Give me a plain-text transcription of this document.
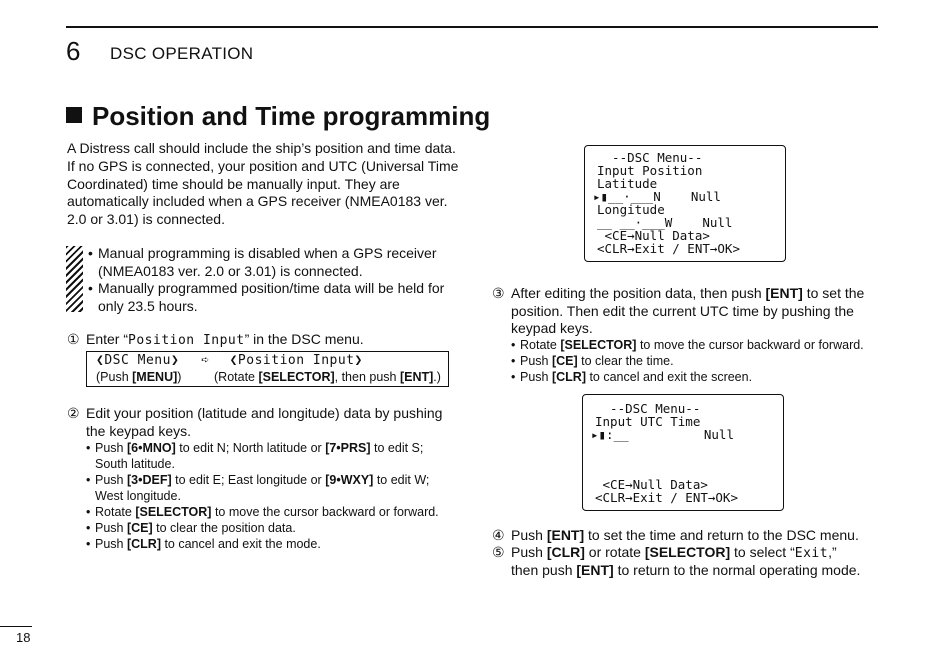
6 DSC OPERATION
Position and Time programming
A Distress call should include the ship’s position and time data. If no GPS is connected, your position and UTC (Universal Time Coordinated) time should be manually input. They are automatically included when a GPS receiver (NMEA0183 ver. 2.0 or 3.01) is connected.
• Manual programming is disabled when a GPS receiver (NMEA0183 ver. 2.0 or 3.01) is connected.
• Manually programmed position/time data will be held for only 23.5 hours.
① Enter “Position Input” in the DSC menu.
❮DSC Menu❯ ➪ ❮Position Input❯
(Push [MENU])	(Rotate [SELECTOR], then push [ENT].)
② Edit your position (latitude and longitude) data by pushing the keypad keys.
• Push [6•MNO] to edit N; North latitude or [7•PRS] to edit S; South latitude.
• Push [3•DEF] to edit E; East longitude or [9•WXY] to edit W; West longitude.
• Rotate [SELECTOR] to move the cursor backward or forward.
• Push [CE] to clear the position data.
• Push [CLR] to cancel and exit the mode.
--DSC Menu--
Input Position
Latitude
▸▮__·___N    Null
Longitude
__ __·___W    Null
<CE→Null Data>
<CLR→Exit / ENT→OK>
③ After editing the position data, then push [ENT] to set the position. Then edit the current UTC time by pushing the keypad keys.
• Rotate [SELECTOR] to move the cursor backward or forward.
• Push [CE] to clear the time.
• Push [CLR] to cancel and exit the screen.
--DSC Menu--
Input UTC Time
▸▮:__          Null
<CE→Null Data>
<CLR→Exit / ENT→OK>
④ Push [ENT] to set the time and return to the DSC menu.
⑤ Push [CLR] or rotate [SELECTOR] to select “Exit,”
then push [ENT] to return to the normal operating mode.
18
